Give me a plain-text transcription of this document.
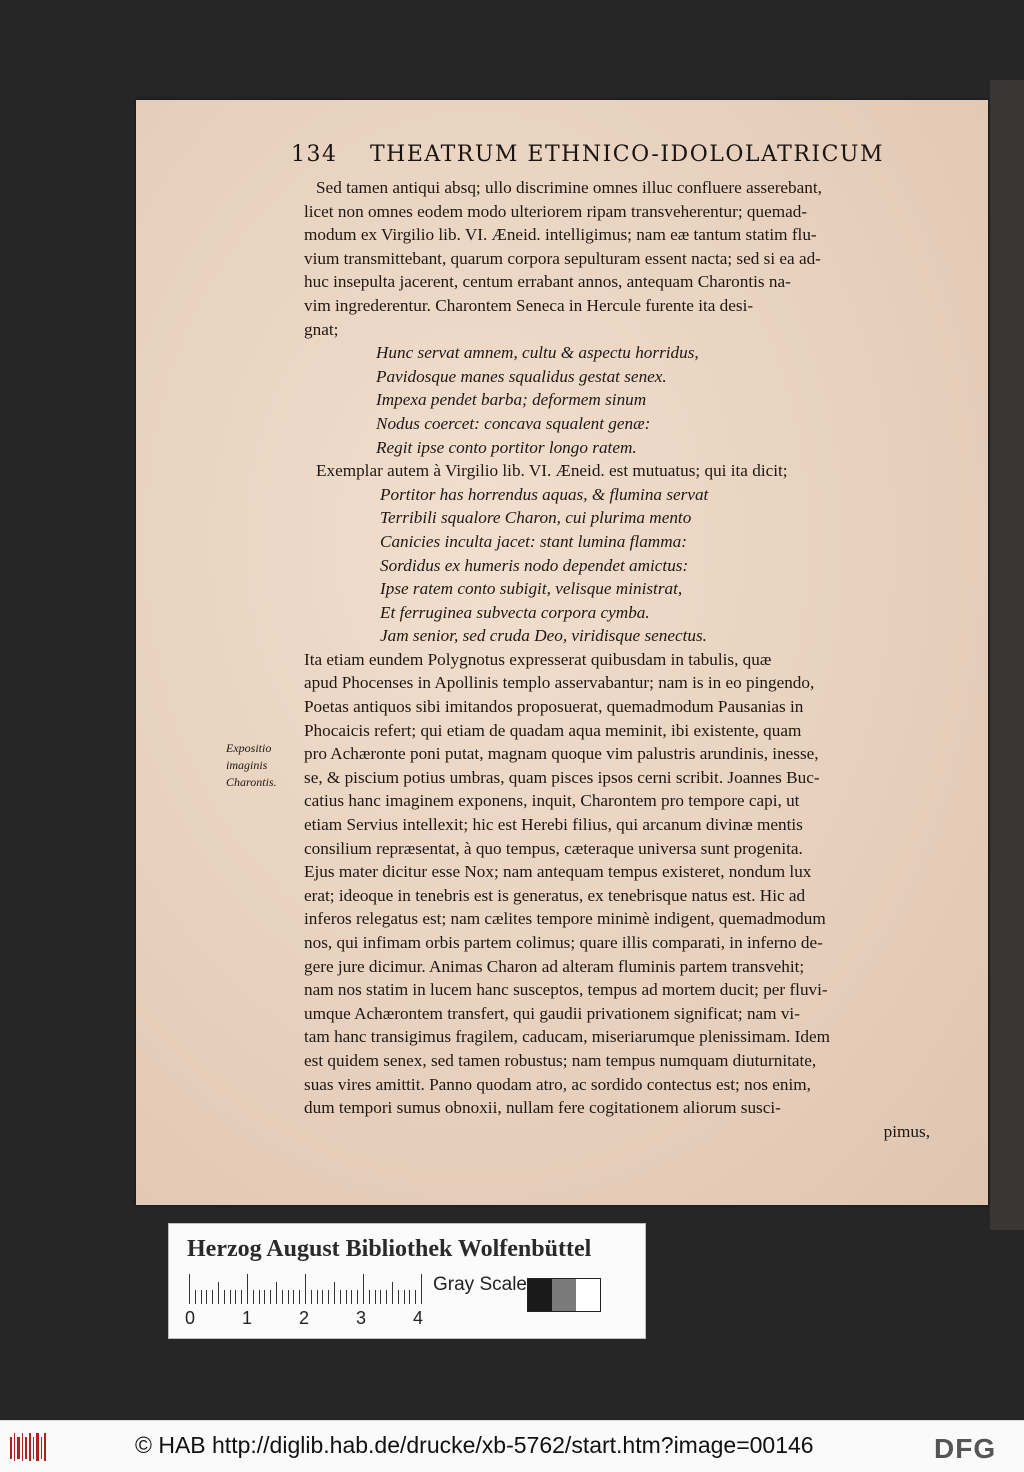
134 THEATRUM ETHNICO-IDOLOLATRICUM
Expositio imaginis Charontis.
Sed tamen antiqui absq; ullo discrimine omnes illuc confluere asserebant,
licet non omnes eodem modo ulteriorem ripam transveherentur; quemad-
modum ex Virgilio lib. VI. Æneid. intelligimus; nam eæ tantum statim flu-
vium transmittebant, quarum corpora sepulturam essent nacta; sed si ea ad-
huc insepulta jacerent, centum errabant annos, antequam Charontis na-
vim ingrederentur. Charontem Seneca in Hercule furente ita desi-
gnat;
Hunc servat amnem, cultu & aspectu horridus,
Pavidosque manes squalidus gestat senex.
Impexa pendet barba; deformem sinum
Nodus coercet: concava squalent genæ:
Regit ipse conto portitor longo ratem.
Exemplar autem à Virgilio lib. VI. Æneid. est mutuatus; qui ita dicit;
Portitor has horrendus aquas, & flumina servat
Terribili squalore Charon, cui plurima mento
Canicies inculta jacet: stant lumina flamma:
Sordidus ex humeris nodo dependet amictus:
Ipse ratem conto subigit, velisque ministrat,
Et ferruginea subvecta corpora cymba.
Jam senior, sed cruda Deo, viridisque senectus.
Ita etiam eundem Polygnotus expresserat quibusdam in tabulis, quæ
apud Phocenses in Apollinis templo asservabantur; nam is in eo pingendo,
Poetas antiquos sibi imitandos proposuerat, quemadmodum Pausanias in
Phocaicis refert; qui etiam de quadam aqua meminit, ibi existente, quam
pro Achæronte poni putat, magnam quoque vim palustris arundinis, inesse,
se, & piscium potius umbras, quam pisces ipsos cerni scribit. Joannes Buc-
catius hanc imaginem exponens, inquit, Charontem pro tempore capi, ut
etiam Servius intellexit; hic est Herebi filius, qui arcanum divinæ mentis
consilium repræsentat, à quo tempus, cæteraque universa sunt progenita.
Ejus mater dicitur esse Nox; nam antequam tempus existeret, nondum lux
erat; ideoque in tenebris est is generatus, ex tenebrisque natus est. Hic ad
inferos relegatus est; nam cælites tempore minimè indigent, quemadmodum
nos, qui infimam orbis partem colimus; quare illis comparati, in inferno de-
gere jure dicimur. Animas Charon ad alteram fluminis partem transvehit;
nam nos statim in lucem hanc susceptos, tempus ad mortem ducit; per fluvi-
umque Achærontem transfert, qui gaudii privationem significat; nam vi-
tam hanc transigimus fragilem, caducam, miseriarumque plenissimam. Idem
est quidem senex, sed tamen robustus; nam tempus numquam diuturnitate,
suas vires amittit. Panno quodam atro, ac sordido contectus est; nos enim,
dum tempori sumus obnoxii, nullam fere cogitationem aliorum susci-
pimus,
Herzog August Bibliothek Wolfenbüttel
0	1	2	3	4
Gray Scale
© HAB http://diglib.hab.de/drucke/xb-5762/start.htm?image=00146	DFG
